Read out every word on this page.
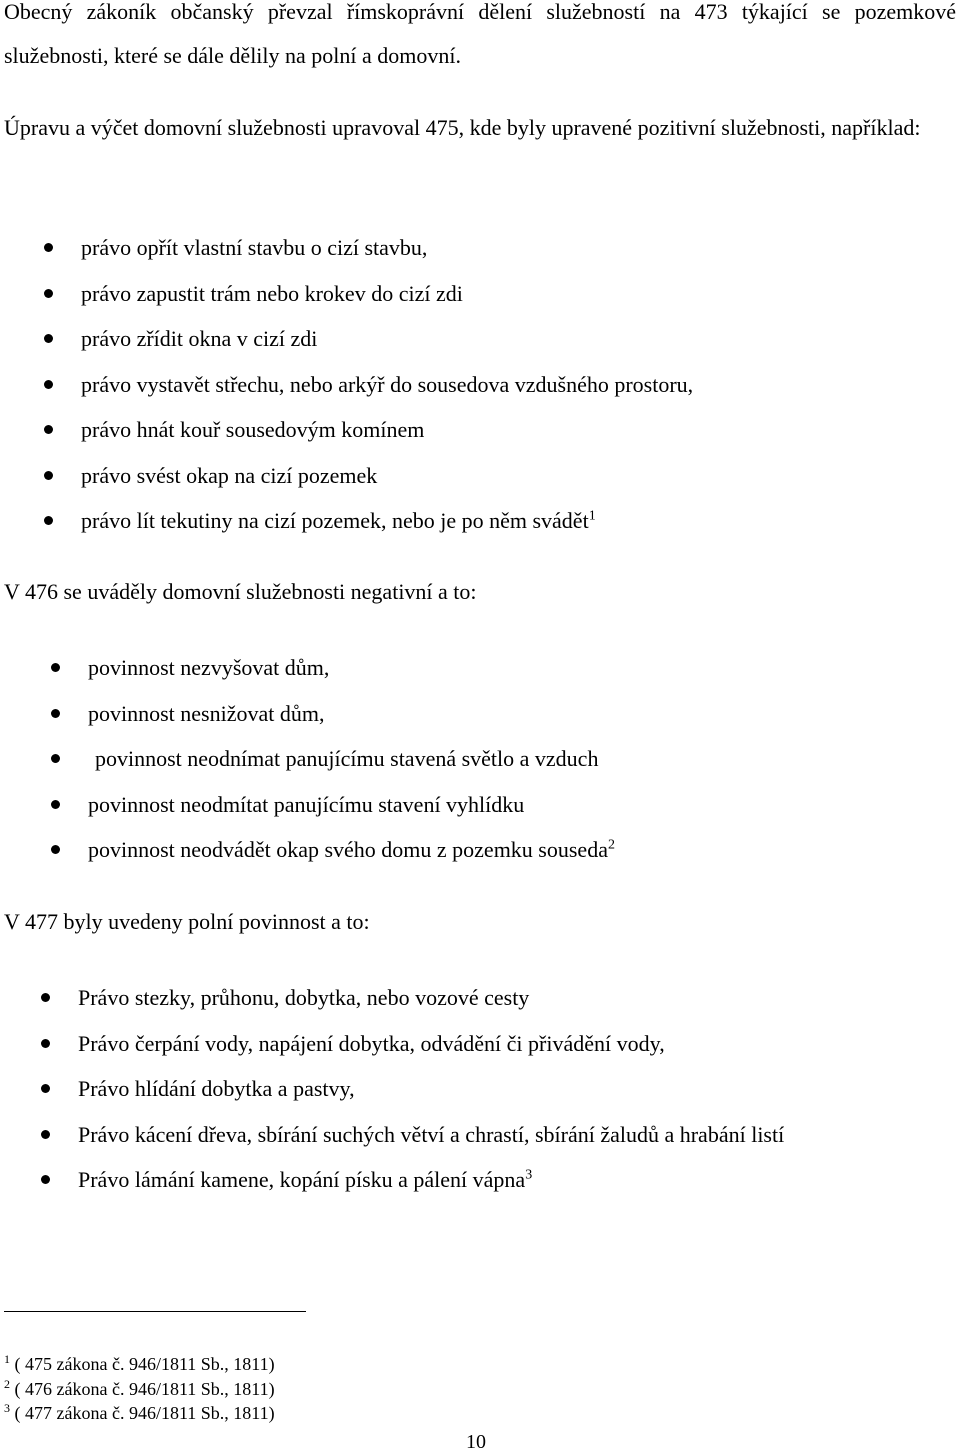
Obecný zákoník občanský převzal římskoprávní dělení služebností na 473 týkající se pozemkové služebnosti, které se dále dělily na polní a domovní.

Úpravu a výčet domovní služebnosti upravoval 475, kde byly upravené pozitivní služebnosti, například:

právo opřít vlastní stavbu o cizí stavbu,
právo zapustit trám nebo krokev do cizí zdi
právo zřídit okna v cizí zdi
právo vystavět střechu, nebo arkýř do sousedova vzdušného prostoru,
právo hnát kouř sousedovým komínem
právo svést okap na cizí pozemek
právo lít tekutiny na cizí pozemek, nebo je po něm svádět$^1$

V 476 se uváděly domovní služebnosti negativní a to:

povinnost nezvyšovat dům,
povinnost nesnižovat dům,
povinnost neodnímat panujícímu stavená světlo a vzduch
povinnost neodmítat panujícímu stavení vyhlídku
povinnost neodvádět okap svého domu z pozemku souseda$^2$

V 477 byly uvedeny polní povinnost a to:

Právo stezky, průhonu, dobytka, nebo vozové cesty
Právo čerpání vody, napájení dobytka, odvádění či přivádění vody,
Právo hlídání dobytka a pastvy,
Právo kácení dřeva, sbírání suchých větví a chrastí, sbírání žaludů a hrabání listí
Právo lámání kamene, kopání písku a pálení vápna$^3$
$^1$ ( 475 zákona č. 946/1811 Sb., 1811)
$^2$ ( 476 zákona č. 946/1811 Sb., 1811)
$^3$ ( 477 zákona č. 946/1811 Sb., 1811)
10
